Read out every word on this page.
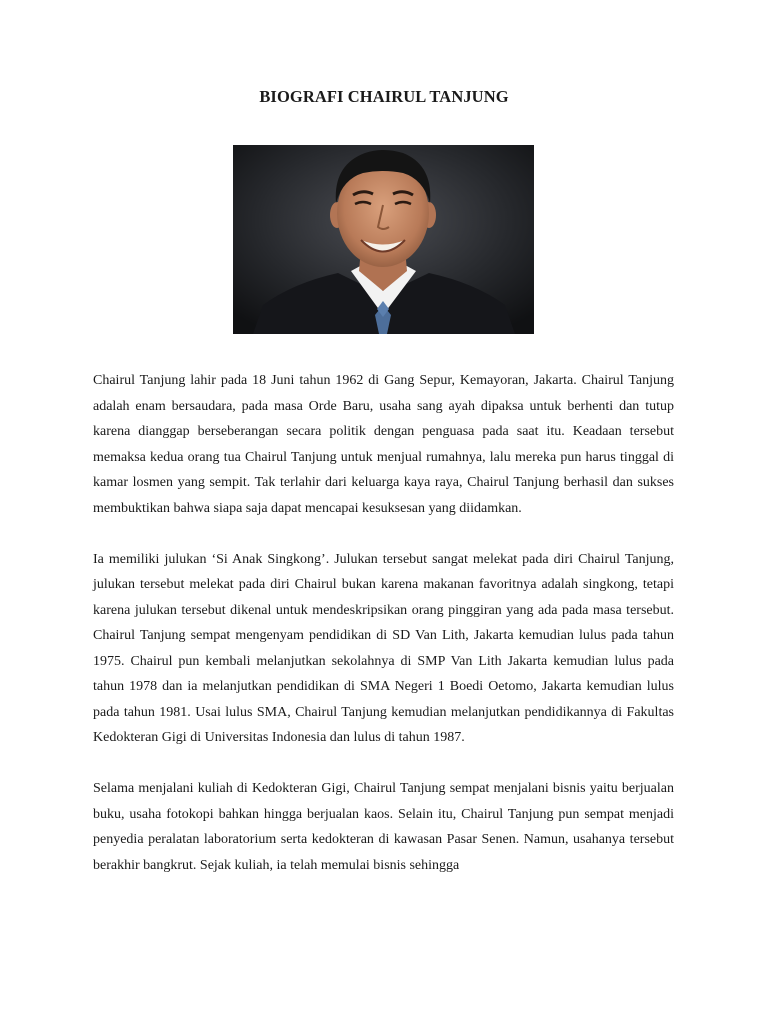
BIOGRAFI CHAIRUL TANJUNG

Chairul Tanjung lahir pada 18 Juni tahun 1962 di Gang Sepur, Kemayoran, Jakarta. Chairul Tanjung adalah enam bersaudara, pada masa Orde Baru, usaha sang ayah dipaksa untuk berhenti dan tutup karena dianggap berseberangan secara politik dengan penguasa pada saat itu. Keadaan tersebut memaksa kedua orang tua Chairul Tanjung untuk menjual rumahnya, lalu mereka pun harus tinggal di kamar losmen yang sempit. Tak terlahir dari keluarga kaya raya, Chairul Tanjung berhasil dan sukses membuktikan bahwa siapa saja dapat mencapai kesuksesan yang diidamkan.

Ia memiliki julukan ‘Si Anak Singkong’. Julukan tersebut sangat melekat pada diri Chairul Tanjung, julukan tersebut melekat pada diri Chairul bukan karena makanan favoritnya adalah singkong, tetapi karena julukan tersebut dikenal untuk mendeskripsikan orang pinggiran yang ada pada masa tersebut. Chairul Tanjung sempat mengenyam pendidikan di SD Van Lith, Jakarta kemudian lulus pada tahun 1975. Chairul pun kembali melanjutkan sekolahnya di SMP Van Lith Jakarta kemudian lulus pada tahun 1978 dan ia melanjutkan pendidikan di SMA Negeri 1 Boedi Oetomo, Jakarta kemudian lulus pada tahun 1981. Usai lulus SMA, Chairul Tanjung kemudian melanjutkan pendidikannya di Fakultas Kedokteran Gigi di Universitas Indonesia dan lulus di tahun 1987.

Selama menjalani kuliah di Kedokteran Gigi, Chairul Tanjung sempat menjalani bisnis yaitu berjualan buku, usaha fotokopi bahkan hingga berjualan kaos. Selain itu, Chairul Tanjung pun sempat menjadi penyedia peralatan laboratorium serta kedokteran di kawasan Pasar Senen. Namun, usahanya tersebut berakhir bangkrut. Sejak kuliah, ia telah memulai bisnis sehingga
